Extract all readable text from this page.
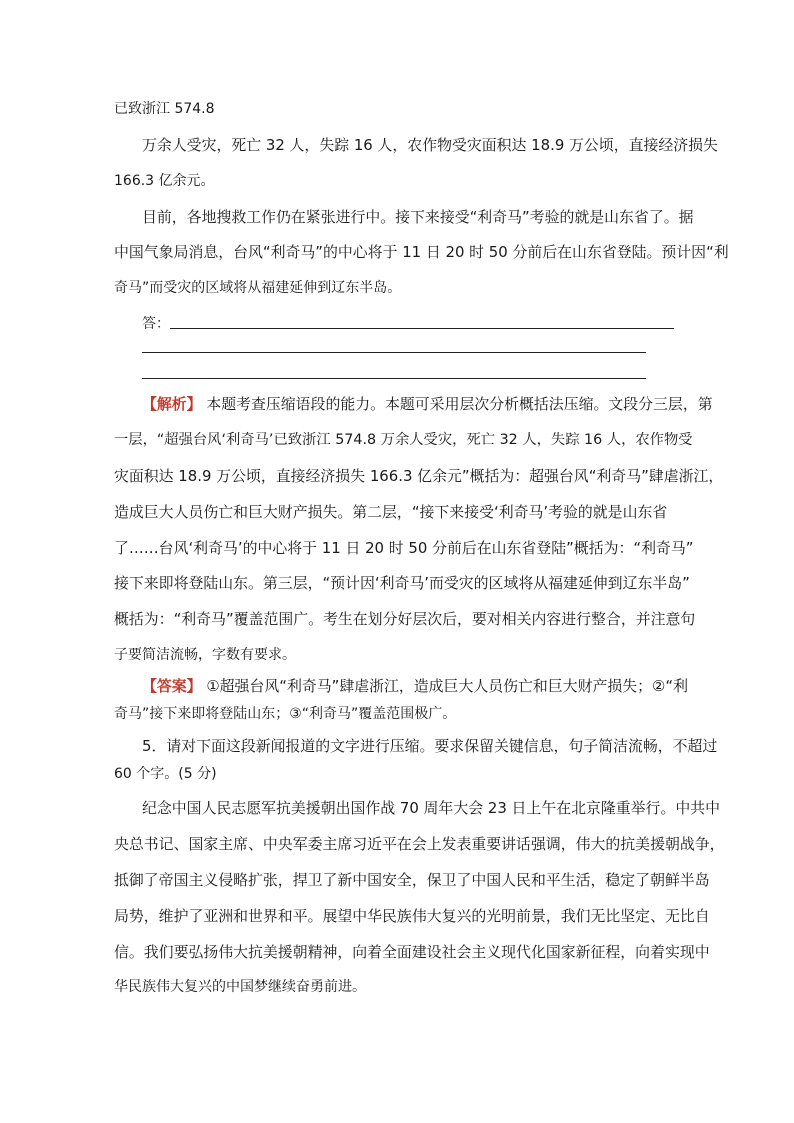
已致浙江 574.8
万余人受灾，死亡 32 人，失踪 16 人，农作物受灾面积达 18.9 万公顷，直接经济损失
166.3 亿余元。
目前，各地搜救工作仍在紧张进行中。接下来接受“利奇马”考验的就是山东省了。据
中国气象局消息，台风“利奇马”的中心将于 11 日 20 时 50 分前后在山东省登陆。预计因“利
奇马”而受灾的区域将从福建延伸到辽东半岛。
答：
【解析】 本题考查压缩语段的能力。本题可采用层次分析概括法压缩。文段分三层，第
一层，“超强台风‘利奇马’已致浙江 574.8 万余人受灾，死亡 32 人，失踪 16 人，农作物受
灾面积达 18.9 万公顷，直接经济损失 166.3 亿余元”概括为：超强台风“利奇马”肆虐浙江，
造成巨大人员伤亡和巨大财产损失。第二层，“接下来接受‘利奇马’考验的就是山东省
了……台风‘利奇马’的中心将于 11 日 20 时 50 分前后在山东省登陆”概括为：“利奇马”
接下来即将登陆山东。第三层，“预计因‘利奇马’而受灾的区域将从福建延伸到辽东半岛”
概括为：“利奇马”覆盖范围广。考生在划分好层次后，要对相关内容进行整合，并注意句
子要简洁流畅，字数有要求。
【答案】 ①超强台风“利奇马”肆虐浙江，造成巨大人员伤亡和巨大财产损失；②“利
奇马”接下来即将登陆山东；③“利奇马”覆盖范围极广。
5．请对下面这段新闻报道的文字进行压缩。要求保留关键信息，句子简洁流畅，不超过
60 个字。(5 分)
纪念中国人民志愿军抗美援朝出国作战 70 周年大会 23 日上午在北京隆重举行。中共中
央总书记、国家主席、中央军委主席习近平在会上发表重要讲话强调，伟大的抗美援朝战争，
抵御了帝国主义侵略扩张，捍卫了新中国安全，保卫了中国人民和平生活，稳定了朝鲜半岛
局势，维护了亚洲和世界和平。展望中华民族伟大复兴的光明前景，我们无比坚定、无比自
信。我们要弘扬伟大抗美援朝精神，向着全面建设社会主义现代化国家新征程，向着实现中
华民族伟大复兴的中国梦继续奋勇前进。
